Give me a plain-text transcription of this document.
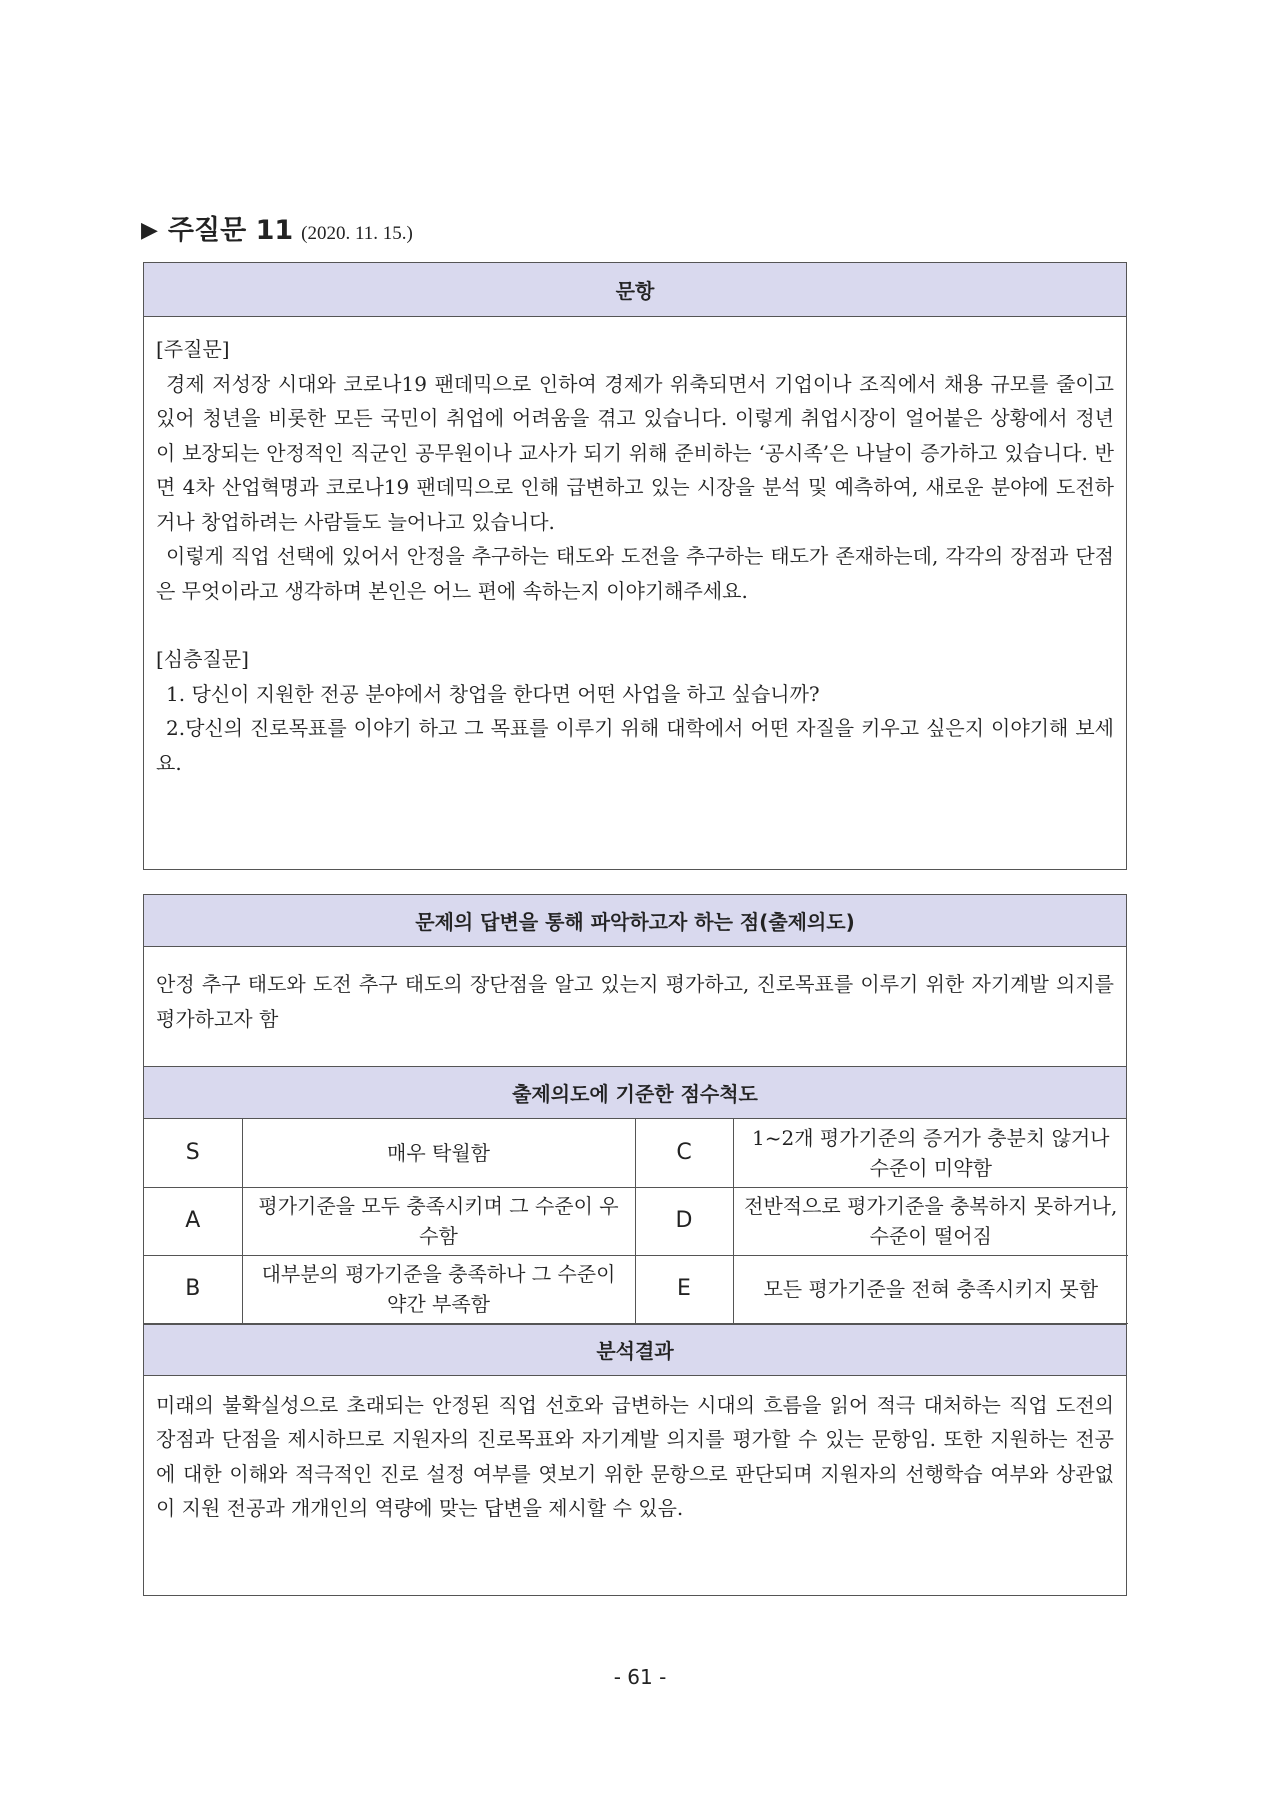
▶ 주질문 11 (2020. 11. 15.)
문항

[주질문]

경제 저성장 시대와 코로나19 팬데믹으로 인하여 경제가 위축되면서 기업이나 조직에서 채용 규모를 줄이고 있어 청년을 비롯한 모든 국민이 취업에 어려움을 겪고 있습니다. 이렇게 취업시장이 얼어붙은 상황에서 정년이 보장되는 안정적인 직군인 공무원이나 교사가 되기 위해 준비하는 ‘공시족’은 나날이 증가하고 있습니다. 반면 4차 산업혁명과 코로나19 팬데믹으로 인해 급변하고 있는 시장을 분석 및 예측하여, 새로운 분야에 도전하거나 창업하려는 사람들도 늘어나고 있습니다.

이렇게 직업 선택에 있어서 안정을 추구하는 태도와 도전을 추구하는 태도가 존재하는데, 각각의 장점과 단점은 무엇이라고 생각하며 본인은 어느 편에 속하는지 이야기해주세요.

[심층질문]

1. 당신이 지원한 전공 분야에서 창업을 한다면 어떤 사업을 하고 싶습니까?

2.당신의 진로목표를 이야기 하고 그 목표를 이루기 위해 대학에서 어떤 자질을 키우고 싶은지 이야기해 보세요.

문제의 답변을 통해 파악하고자 하는 점(출제의도)

안정 추구 태도와 도전 추구 태도의 장단점을 알고 있는지 평가하고, 진로목표를 이루기 위한 자기계발 의지를 평가하고자 함

출제의도에 기준한 점수척도
S	매우 탁월함	C	1~2개 평가기준의 증거가 충분치 않거나 수준이 미약함
A	평가기준을 모두 충족시키며 그 수준이 우수함	D	전반적으로 평가기준을 충복하지 못하거나, 수준이 떨어짐
B	대부분의 평가기준을 충족하나 그 수준이 약간 부족함	E	모든 평가기준을 전혀 충족시키지 못함
분석결과

미래의 불확실성으로 초래되는 안정된 직업 선호와 급변하는 시대의 흐름을 읽어 적극 대처하는 직업 도전의 장점과 단점을 제시하므로 지원자의 진로목표와 자기계발 의지를 평가할 수 있는 문항임. 또한 지원하는 전공에 대한 이해와 적극적인 진로 설정 여부를 엿보기 위한 문항으로 판단되며 지원자의 선행학습 여부와 상관없이 지원 전공과 개개인의 역량에 맞는 답변을 제시할 수 있음.

- 61 -
